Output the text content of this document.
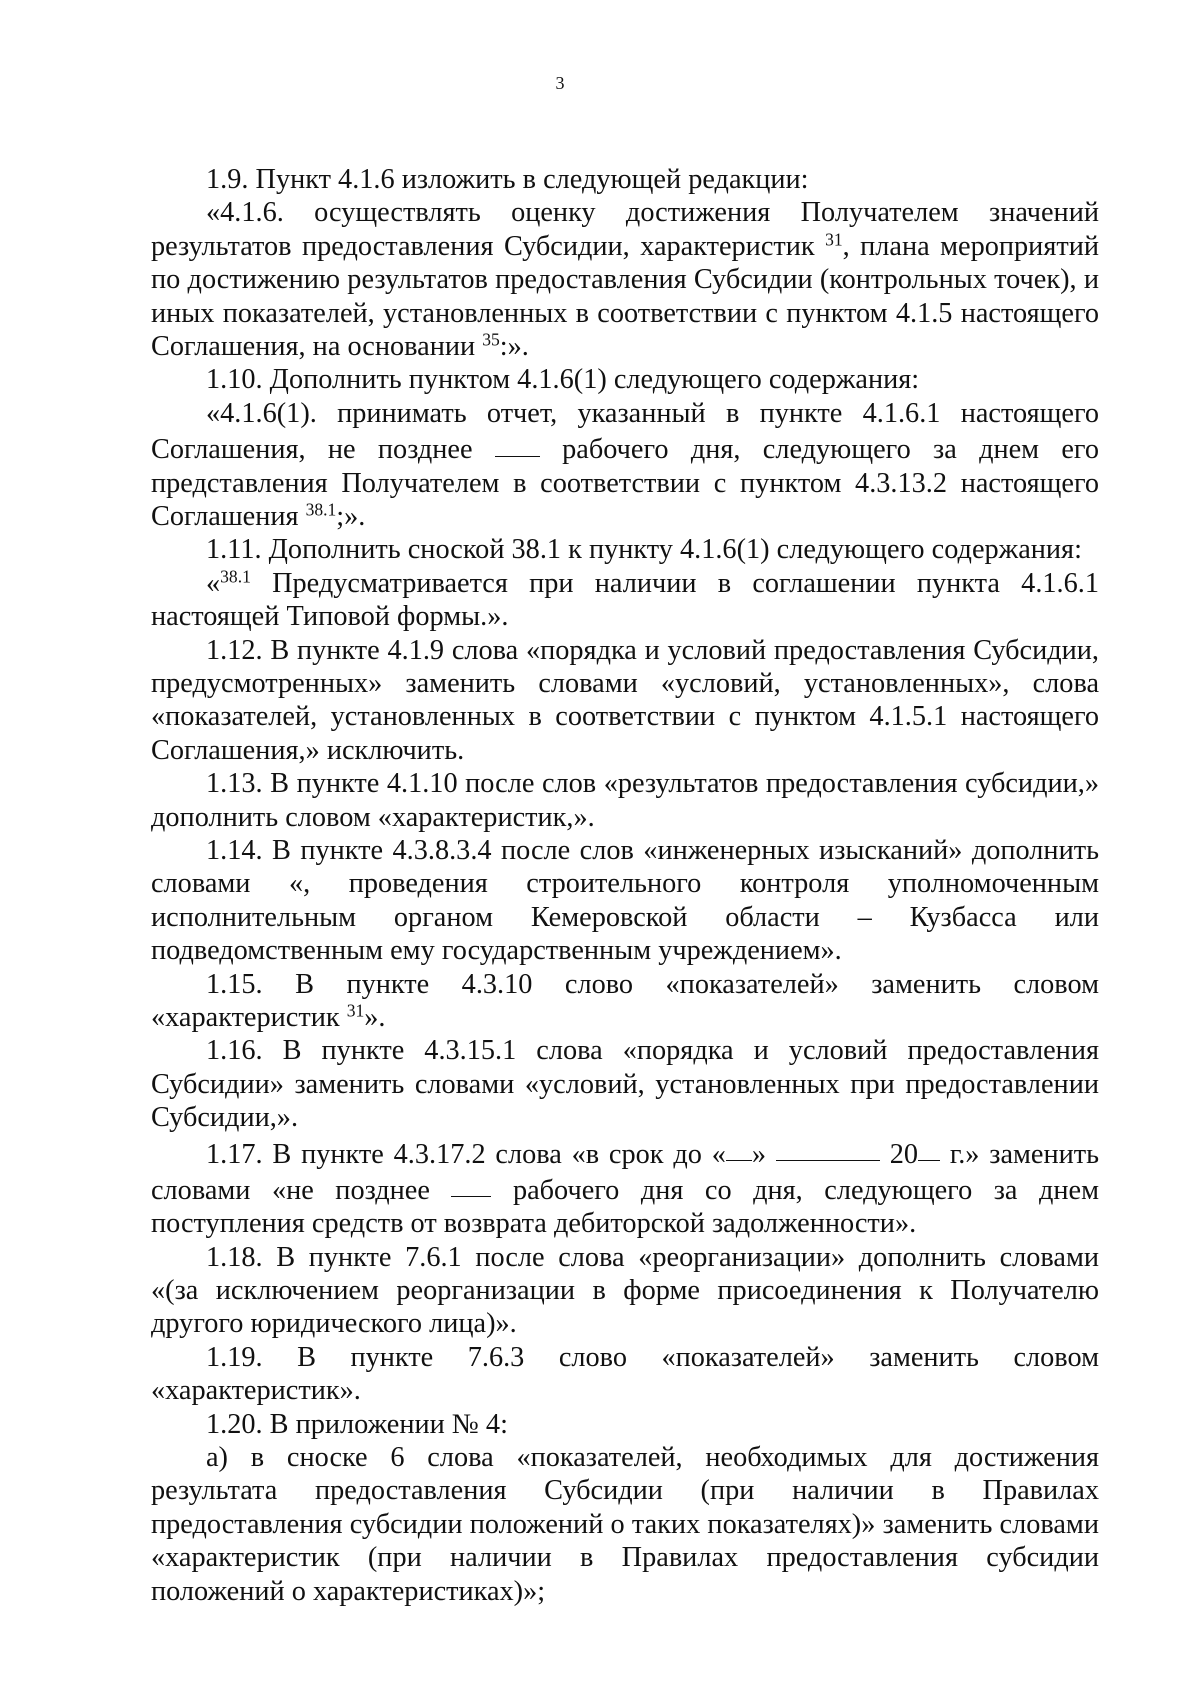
3

1.9. Пункт 4.1.6 изложить в следующей редакции:

«4.1.6. осуществлять оценку достижения Получателем значений результатов предоставления Субсидии, характеристик $^{31}$, плана мероприятий по достижению результатов предоставления Субсидии (контрольных точек), и иных показателей, установленных в соответствии с пунктом 4.1.5 настоящего Соглашения, на основании $^{35}$:».

1.10. Дополнить пунктом 4.1.6(1) следующего содержания:

«4.1.6(1). принимать отчет, указанный в пункте 4.1.6.1 настоящего Соглашения, не позднее	рабочего дня, следующего за днем его представления Получателем в соответствии с пунктом 4.3.13.2 настоящего Соглашения $^{38.1}$;».

1.11. Дополнить сноской 38.1 к пункту 4.1.6(1) следующего содержания:

«$^{38.1}$ Предусматривается при наличии в соглашении пункта 4.1.6.1 настоящей Типовой формы.».

1.12. В пункте 4.1.9 слова «порядка и условий предоставления Субсидии, предусмотренных» заменить словами «условий, установленных», слова «показателей, установленных в соответствии с пунктом 4.1.5.1 настоящего Соглашения,» исключить.

1.13. В пункте 4.1.10 после слов «результатов предоставления субсидии,» дополнить словом «характеристик,».

1.14. В пункте 4.3.8.3.4 после слов «инженерных изысканий» дополнить словами «, проведения строительного контроля уполномоченным исполнительным органом Кемеровской области – Кузбасса или подведомственным ему государственным учреждением».

1.15. В пункте 4.3.10 слово «показателей» заменить словом «характеристик $^{31}$».

1.16. В пункте 4.3.15.1 слова «порядка и условий предоставления Субсидии» заменить словами «условий, установленных при предоставлении Субсидии,».

1.17. В пункте 4.3.17.2 слова «в срок до « »	20 г.» заменить словами «не позднее	рабочего дня со дня, следующего за днем поступления средств от возврата дебиторской задолженности».

1.18. В пункте 7.6.1 после слова «реорганизации» дополнить словами «(за исключением реорганизации в форме присоединения к Получателю другого юридического лица)».

1.19. В пункте 7.6.3 слово «показателей» заменить словом «характеристик».

1.20. В приложении № 4:

а) в сноске 6 слова «показателей, необходимых для достижения результата предоставления Субсидии (при наличии в Правилах предоставления субсидии положений о таких показателях)» заменить словами «характеристик (при наличии в Правилах предоставления субсидии положений о характеристиках)»;
